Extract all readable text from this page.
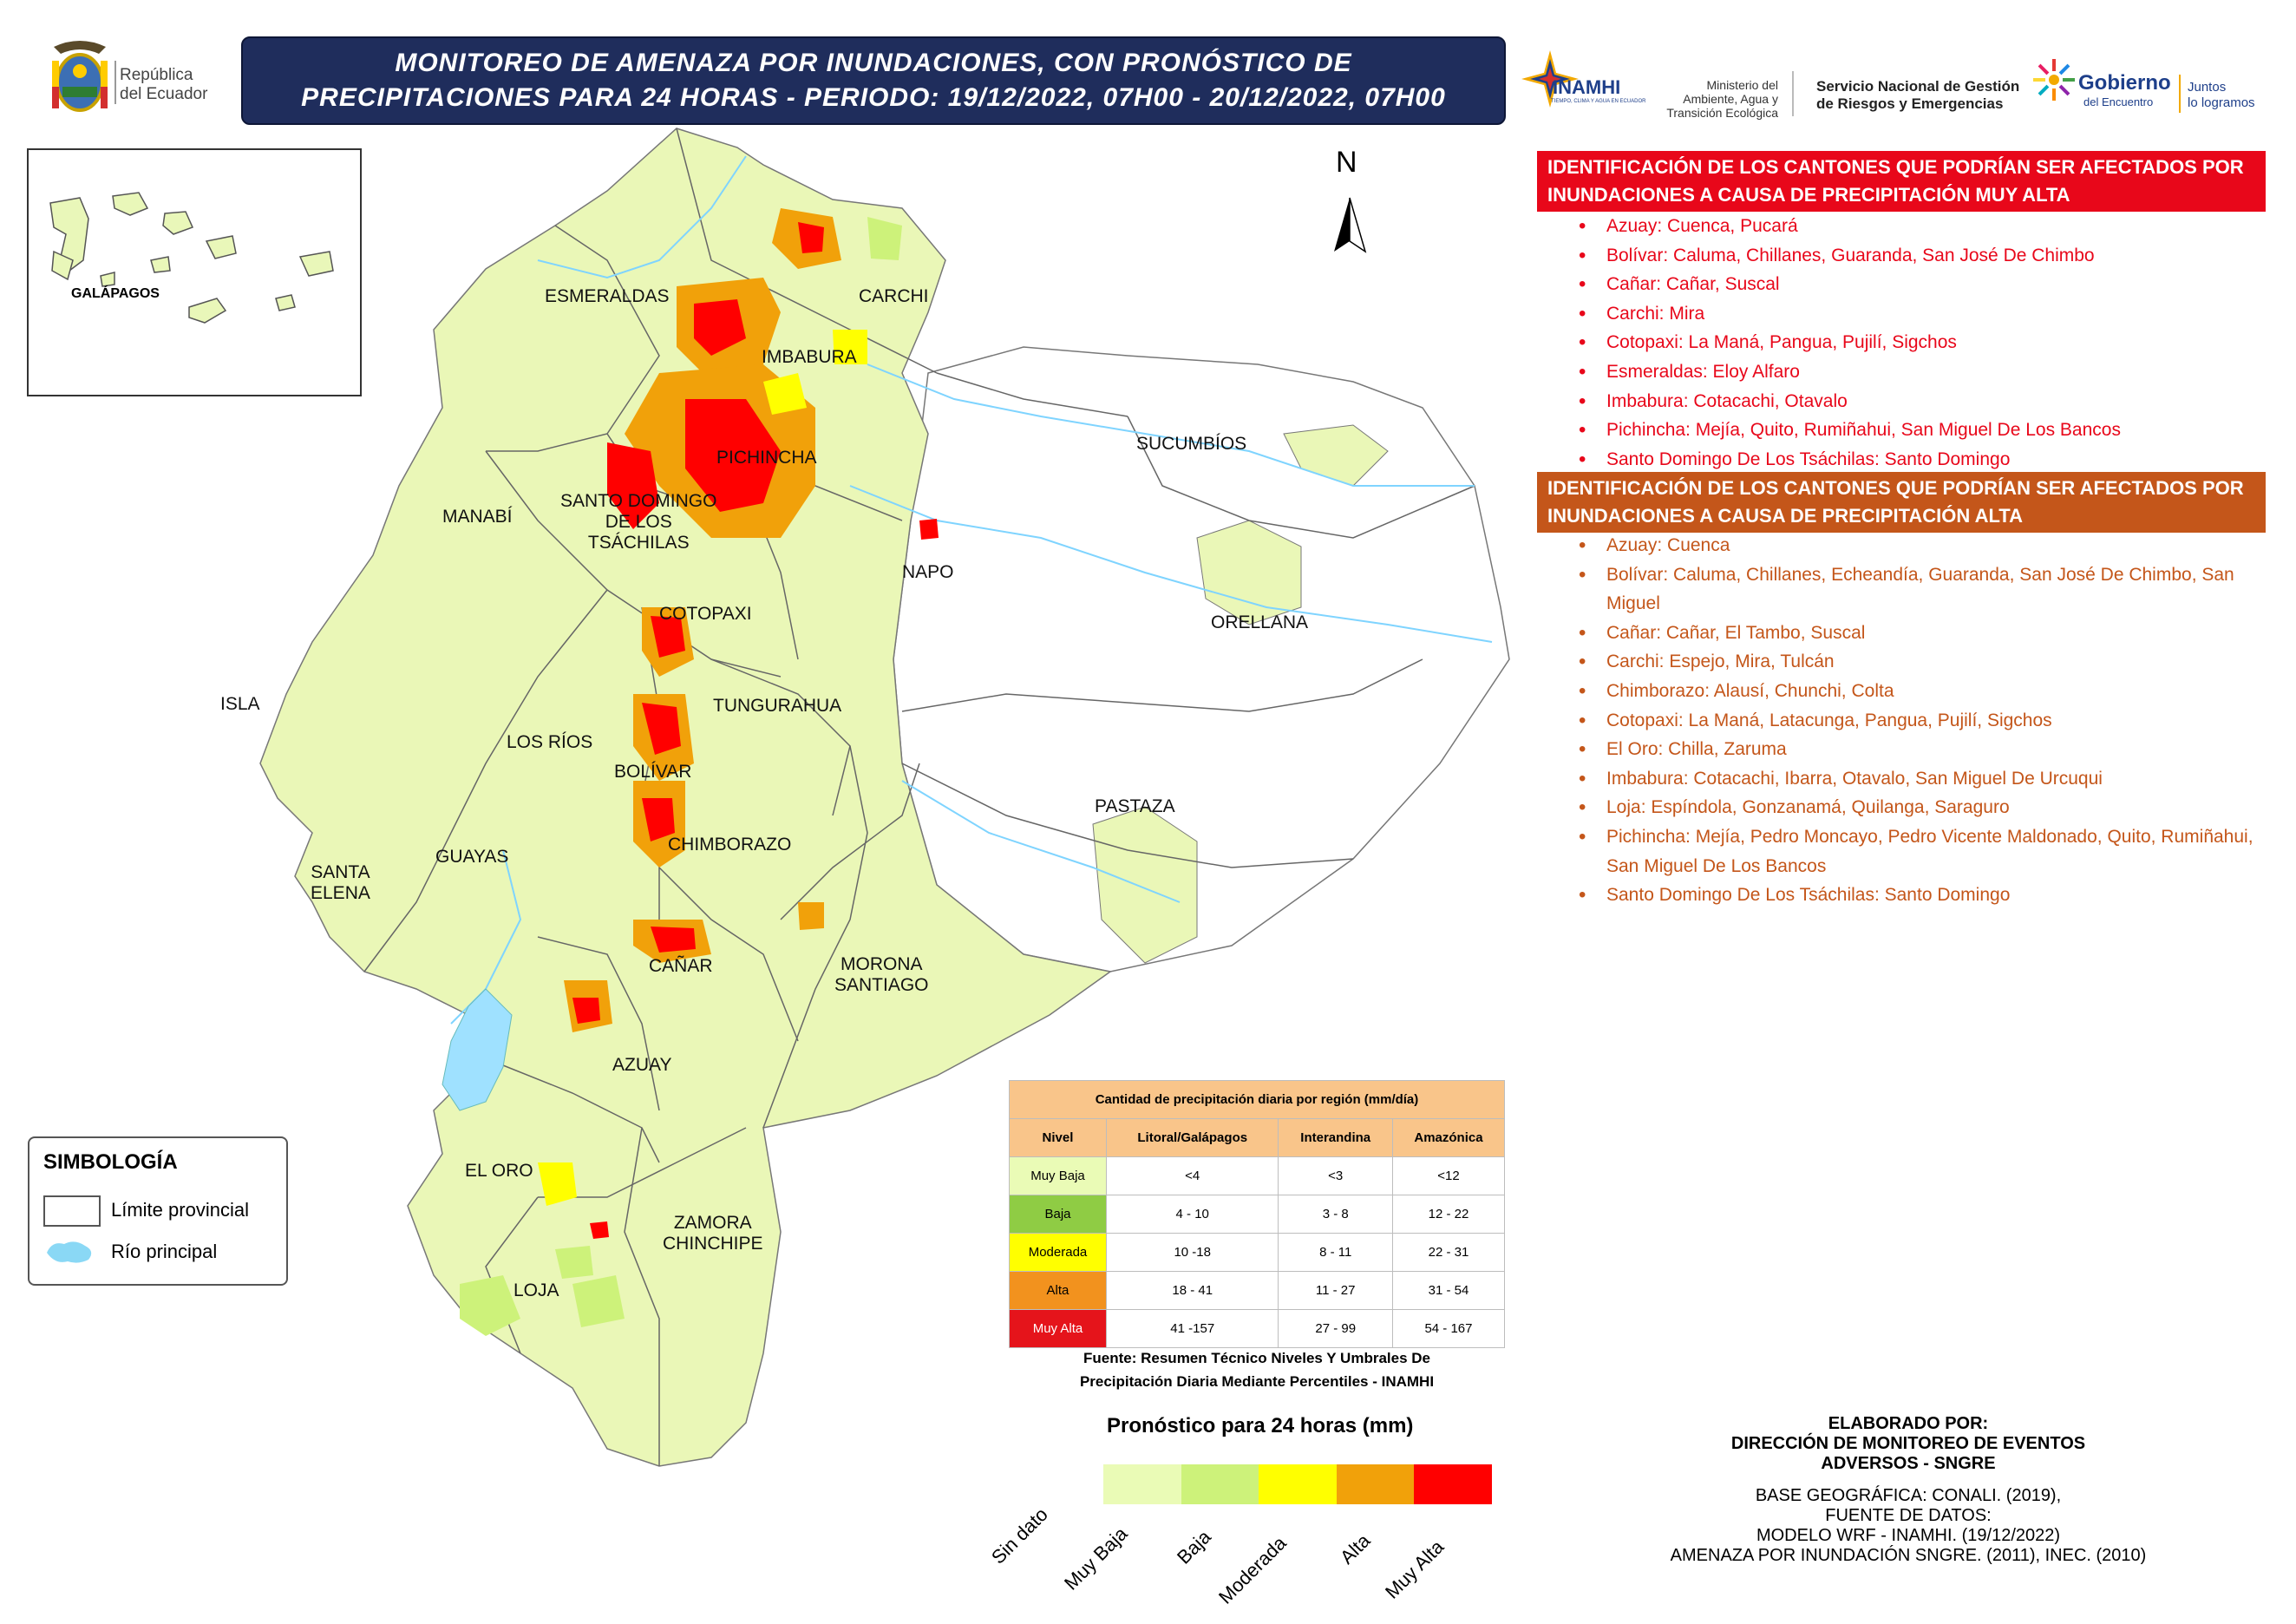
República
del Ecuador
MONITOREO DE AMENAZA POR INUNDACIONES, CON PRONÓSTICO DE
PRECIPITACIONES PARA 24 HORAS - PERIODO: 19/12/2022, 07H00 - 20/12/2022, 07H00	INAMHI
TIEMPO, CLIMA Y AGUA EN ECUADOR
Ministerio del
Ambiente, Agua y
Transición Ecológica
Servicio Nacional de Gestión
de Riesgos y Emergencias
Gobierno
del Encuentro
Juntos
lo logramos
GALÁPAGOS
N
ESMERALDAS	CARCHI
IMBABURA
SUCUMBÍOS
PICHINCHA
MANABÍ
SANTO DOMINGO
DE LOS
TSÁCHILAS
NAPO
COTOPAXI	ORELLANA
ISLA	TUNGURAHUA
LOS RÍOS
BOLÍVAR
PASTAZA
CHIMBORAZO
SANTA
ELENA
GUAYAS
CAÑAR	MORONA
SANTIAGO
AZUAY
EL ORO
ZAMORA
CHINCHIPE
LOJA
IDENTIFICACIÓN DE LOS CANTONES QUE PODRÍAN SER AFECTADOS POR
INUNDACIONES A CAUSA DE PRECIPITACIÓN MUY ALTA
• Azuay: Cuenca, Pucará
• Bolívar: Caluma, Chillanes, Guaranda, San José De Chimbo
• Cañar: Cañar, Suscal
• Carchi: Mira
• Cotopaxi: La Maná, Pangua, Pujilí, Sigchos
• Esmeraldas: Eloy Alfaro
• Imbabura: Cotacachi, Otavalo
• Pichincha: Mejía, Quito, Rumiñahui, San Miguel De Los Bancos
• Santo Domingo De Los Tsáchilas: Santo Domingo
IDENTIFICACIÓN DE LOS CANTONES QUE PODRÍAN SER AFECTADOS POR
INUNDACIONES A CAUSA DE PRECIPITACIÓN ALTA
• Azuay: Cuenca
• Bolívar: Caluma, Chillanes, Echeandía, Guaranda, San José De Chimbo, San Miguel
• Cañar: Cañar, El Tambo, Suscal
• Carchi: Espejo, Mira, Tulcán
• Chimborazo: Alausí, Chunchi, Colta
• Cotopaxi: La Maná, Latacunga, Pangua, Pujilí, Sigchos
• El Oro: Chilla, Zaruma
• Imbabura: Cotacachi, Ibarra, Otavalo, San Miguel De Urcuqui
• Loja: Espíndola, Gonzanamá, Quilanga, Saraguro
• Pichincha: Mejía, Pedro Moncayo, Pedro Vicente Maldonado, Quito, Rumiñahui, San Miguel De Los Bancos
• Santo Domingo De Los Tsáchilas: Santo Domingo
Cantidad de precipitación diaria por región (mm/día)			
Nivel	Litoral/Galápagos	Interandina	Amazónica
Muy Baja	<4	<3	<12
Baja	4 - 10	3 - 8	12 - 22
Moderada	10 -18	8 - 11	22 - 31
Alta	18 - 41	11 - 27	31 - 54
Muy Alta	41 -157	27 - 99	54 - 167
Fuente: Resumen Técnico Niveles Y Umbrales De
Precipitación Diaria Mediante Percentiles - INAMHI
Pronóstico para 24 horas (mm)
Sin dato Muy Baja Baja Moderada Alta Muy Alta
SIMBOLOGÍA
Límite provincial
Río principal
ELABORADO POR:
DIRECCIÓN DE MONITOREO DE EVENTOS
ADVERSOS - SNGRE
BASE GEOGRÁFICA: CONALI. (2019),
FUENTE DE DATOS:
MODELO WRF - INAMHI. (19/12/2022)
AMENAZA POR INUNDACIÓN SNGRE. (2011), INEC. (2010)
